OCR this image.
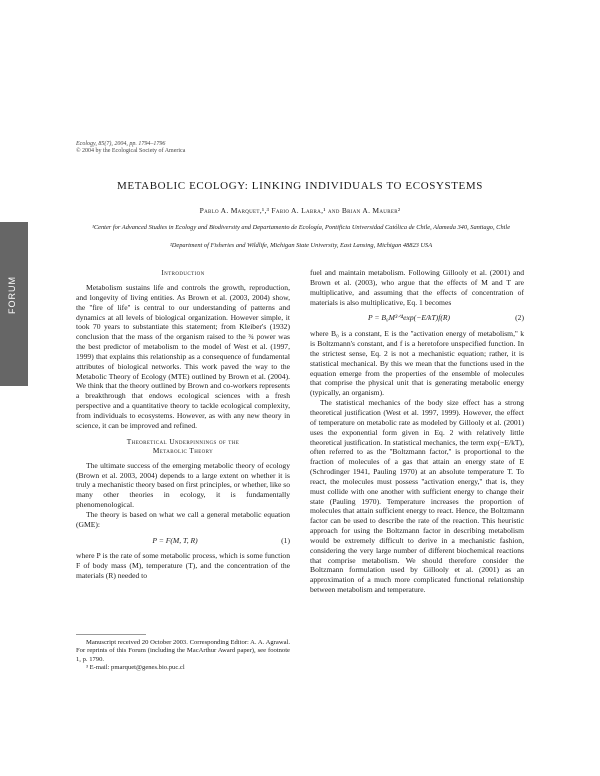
Ecology, 85(7), 2004, pp. 1794–1796
© 2004 by the Ecological Society of America
METABOLIC ECOLOGY: LINKING INDIVIDUALS TO ECOSYSTEMS
Pablo A. Marquet,¹,³ Fabio A. Labra,¹ and Brian A. Maurer²
¹Center for Advanced Studies in Ecology and Biodiversity and Departamento de Ecología, Pontificia Universidad Católica de Chile, Alameda 340, Santiago, Chile
²Department of Fisheries and Wildlife, Michigan State University, East Lansing, Michigan 48823 USA
FORUM
Introduction

Metabolism sustains life and controls the growth, reproduction, and longevity of living entities. As Brown et al. (2003, 2004) show, the ''fire of life'' is central to our understanding of patterns and dynamics at all levels of biological organization. However simple, it took 70 years to substantiate this statement; from Kleiber's (1932) conclusion that the mass of the organism raised to the ¾ power was the best predictor of metabolism to the model of West et al. (1997, 1999) that explains this relationship as a consequence of fundamental attributes of biological networks. This work paved the way to the Metabolic Theory of Ecology (MTE) outlined by Brown et al. (2004). We think that the theory outlined by Brown and co-workers represents a breakthrough that endows ecological sciences with a fresh perspective and a quantitative theory to tackle ecological complexity, from individuals to ecosystems. However, as with any new theory in science, it can be improved and refined.

Theoretical Underpinnings of the
Metabolic Theory

The ultimate success of the emerging metabolic theory of ecology (Brown et al. 2003, 2004) depends to a large extent on whether it is truly a mechanistic theory based on first principles, or whether, like so many other theories in ecology, it is fundamentally phenomenological.

The theory is based on what we call a general metabolic equation (GME):

P = F(M, T, R)	(1)

where P is the rate of some metabolic process, which is some function F of body mass (M), temperature (T), and the concentration of the materials (R) needed to

Manuscript received 20 October 2003. Corresponding Editor: A. A. Agrawal. For reprints of this Forum (including the MacArthur Award paper), see footnote 1, p. 1790.

³ E-mail: pmarquet@genes.bio.puc.cl

fuel and maintain metabolism. Following Gillooly et al. (2001) and Brown et al. (2003), who argue that the effects of M and T are multiplicative, and assuming that the effects of concentration of materials is also multiplicative, Eq. 1 becomes

P = B₀M³ᐟ⁴exp(−E/kT)f(R)	(2)

where B₀ is a constant, E is the ''activation energy of metabolism,'' k is Boltzmann's constant, and f is a heretofore unspecified function. In the strictest sense, Eq. 2 is not a mechanistic equation; rather, it is statistical mechanical. By this we mean that the functions used in the equation emerge from the properties of the ensemble of molecules that comprise the physical unit that is generating metabolic energy (typically, an organism).

The statistical mechanics of the body size effect has a strong theoretical justification (West et al. 1997, 1999). However, the effect of temperature on metabolic rate as modeled by Gillooly et al. (2001) uses the exponential form given in Eq. 2 with relatively little theoretical justification. In statistical mechanics, the term exp(−E/kT), often referred to as the ''Boltzmann factor,'' is proportional to the fraction of molecules of a gas that attain an energy state of E (Schrodinger 1941, Pauling 1970) at an absolute temperature T. To react, the molecules must possess ''activation energy,'' that is, they must collide with one another with sufficient energy to change their state (Pauling 1970). Temperature increases the proportion of molecules that attain sufficient energy to react. Hence, the Boltzmann factor can be used to describe the rate of the reaction. This heuristic approach for using the Boltzmann factor in describing metabolism would be extremely difficult to derive in a mechanistic fashion, considering the very large number of different biochemical reactions that comprise metabolism. We should therefore consider the Boltzmann formulation used by Gillooly et al. (2001) as an approximation of a much more complicated functional relationship between metabolism and temperature.
